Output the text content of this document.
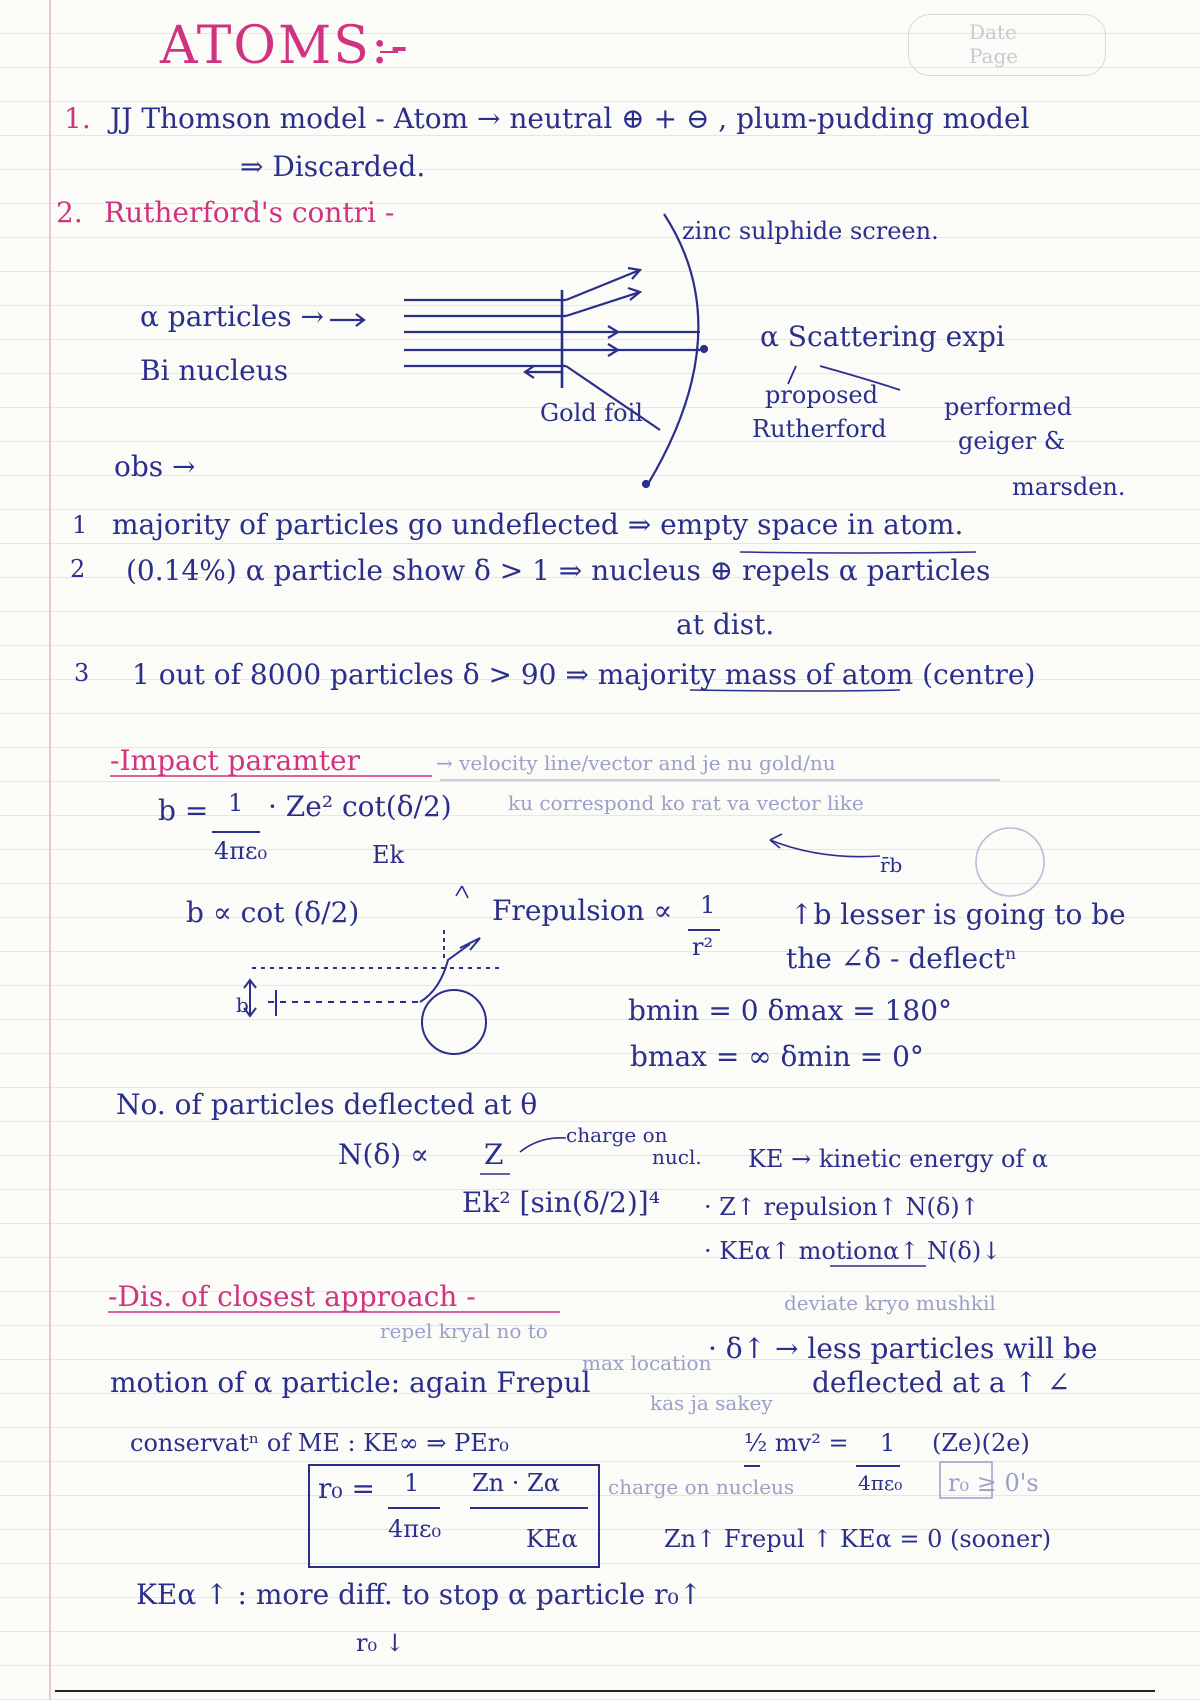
Date
Page
ATOMS:-
1. JJ Thomson model - Atom → neutral ⊕ + ⊖ , plum-pudding model
⇒ Discarded.
2. Rutherford's contri -
zinc sulphide screen.
α particles →
Bi nucleus
Gold foil
α Scattering expi
proposed
Rutherford
performed
geiger &
marsden.
obs →
1 majority of particles go undeflected ⇒ empty space in atom.
2 (0.14%) α particle show δ > 1 ⇒ nucleus ⊕ repels α particles
at dist.
3 1 out of 8000 particles δ > 90 ⇒ majority mass of atom (centre)
-Impact paramter	→ velocity line/vector and je nu gold/nu
ku correspond ko rat va vector like
b = 1
4πε₀
· Ze² cot(δ/2)
Ek
b ∝ cot (δ/2)	Frepulsion ∝ 1
r²
↑b lesser is going to be
the ∠δ - deflectⁿ
bmin = 0 δmax = 180°
bmax = ∞ δmin = 0°
b
r̄b
No. of particles deflected at θ
N(δ) ∝ Z
charge on
nucl. KE → kinetic energy of α
Ek² [sin(δ/2)]⁴ · Z↑ repulsion↑ N(δ)↑
· KEα↑ motionα↑ N(δ)↓
-Dis. of closest approach -	deviate kryo mushkil
repel kryal no to
· δ↑ → less particles will be
max location
motion of α particle: again Frepul
kas ja sakey
deflected at a ↑ ∠
conservatⁿ of ME : KE∞ ⇒ PEr₀	½ mv² = 1
4πε₀
(Ze)(2e)
r₀ ≥ 0's
r₀ = 1
4πε₀
Zn · Zα
KEα
charge on nucleus
Zn↑ Frepul ↑ KEα = 0 (sooner)
KEα ↑ : more diff. to stop α particle r₀↑
r₀ ↓
